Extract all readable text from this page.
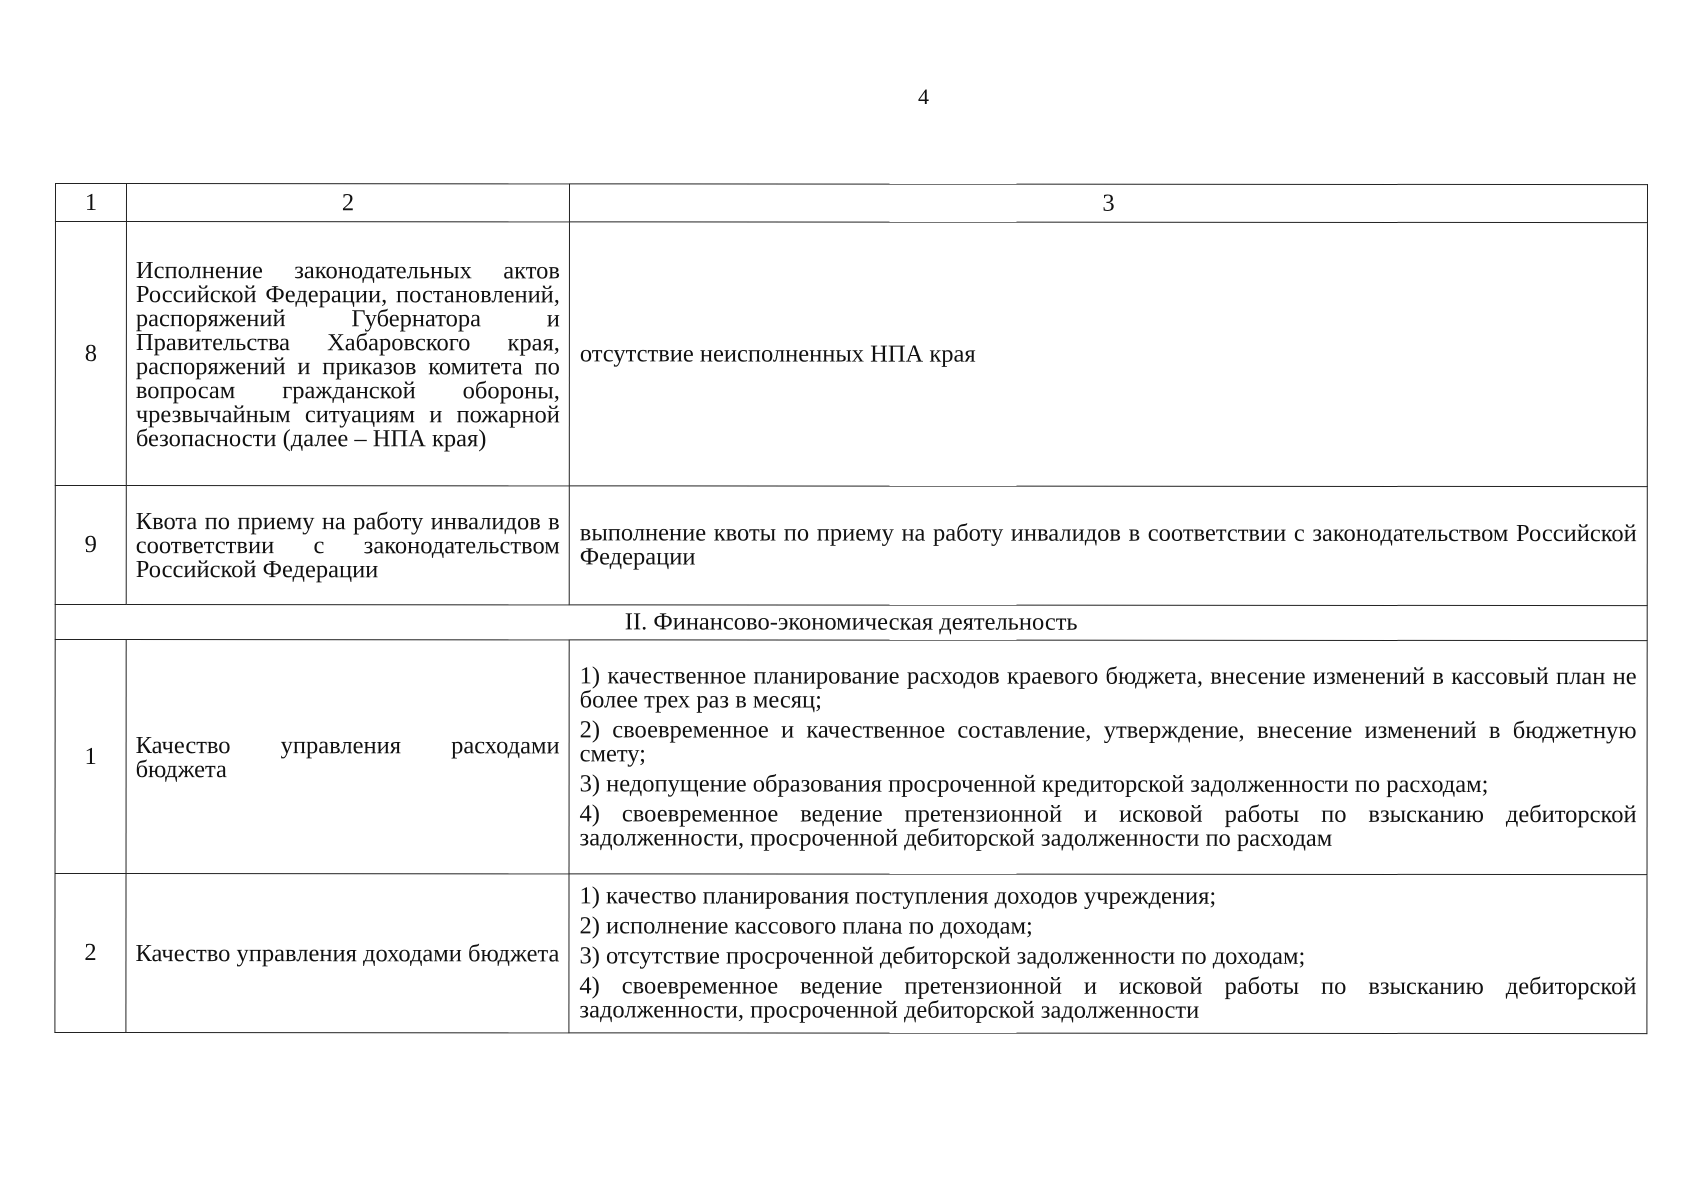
4
1	2	3
8	Исполнение законодательных актов Российской Федерации, постановлений, распоряжений Губернатора и Правительства Хабаровского края, распоряжений и приказов комитета по вопросам гражданской обороны, чрезвычайным ситуациям и пожарной безопасности (далее – НПА края)	отсутствие неисполненных НПА края

9	Квота по приему на работу инвалидов в соответствии с законодательством Российской Федерации	выполнение квоты по приему на работу инвалидов в соответствии с законодательством Российской Федерации

II. Финансово-экономическая деятельность		
1	Качество управления расходами бюджета	1) качественное планирование расходов краевого бюджета, внесение изменений в кассовый план не более трех раз в месяц;
2) своевременное и качественное составление, утверждение, внесение изменений в бюджетную смету;
3) недопущение образования просроченной кредиторской задолженности по расходам;
4) своевременное ведение претензионной и исковой работы по взысканию дебиторской задолженности, просроченной дебиторской задолженности по расходам

2	Качество управления доходами бюджета	1) качество планирования поступления доходов учреждения;
2) исполнение кассового плана по доходам;
3) отсутствие просроченной дебиторской задолженности по доходам;
4) своевременное ведение претензионной и исковой работы по взысканию дебиторской задолженности, просроченной дебиторской задолженности
